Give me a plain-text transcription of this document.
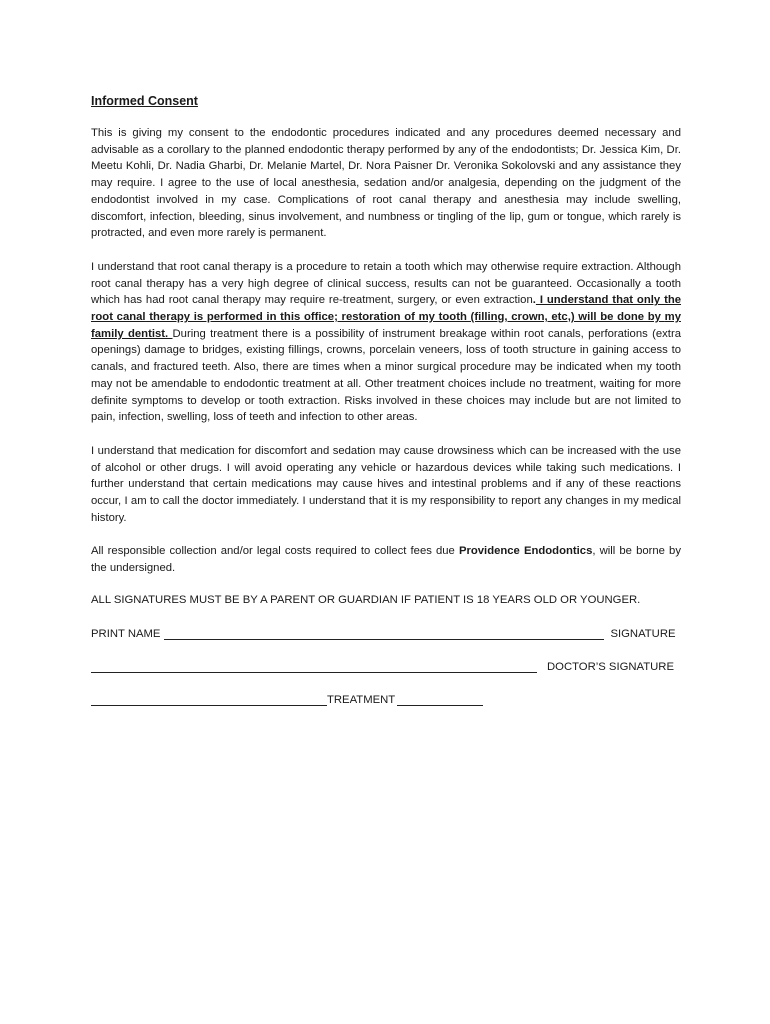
Informed Consent

This is giving my consent to the endodontic procedures indicated and any procedures deemed necessary and advisable as a corollary to the planned endodontic therapy performed by any of the endodontists; Dr. Jessica Kim, Dr. Meetu Kohli, Dr. Nadia Gharbi, Dr. Melanie Martel, Dr. Nora Paisner Dr. Veronika Sokolovski and any assistance they may require. I agree to the use of local anesthesia, sedation and/or analgesia, depending on the judgment of the endodontist involved in my case. Complications of root canal therapy and anesthesia may include swelling, discomfort, infection, bleeding, sinus involvement, and numbness or tingling of the lip, gum or tongue, which rarely is protracted, and even more rarely is permanent.

I understand that root canal therapy is a procedure to retain a tooth which may otherwise require extraction. Although root canal therapy has a very high degree of clinical success, results can not be guaranteed. Occasionally a tooth which has had root canal therapy may require re-treatment, surgery, or even extraction. I understand that only the root canal therapy is performed in this office; restoration of my tooth (filling, crown, etc,) will be done by my family dentist. During treatment there is a possibility of instrument breakage within root canals, perforations (extra openings) damage to bridges, existing fillings, crowns, porcelain veneers, loss of tooth structure in gaining access to canals, and fractured teeth. Also, there are times when a minor surgical procedure may be indicated when my tooth may not be amendable to endodontic treatment at all. Other treatment choices include no treatment, waiting for more definite symptoms to develop or tooth extraction. Risks involved in these choices may include but are not limited to pain, infection, swelling, loss of teeth and infection to other areas.

I understand that medication for discomfort and sedation may cause drowsiness which can be increased with the use of alcohol or other drugs. I will avoid operating any vehicle or hazardous devices while taking such medications. I further understand that certain medications may cause hives and intestinal problems and if any of these reactions occur, I am to call the doctor immediately. I understand that it is my responsibility to report any changes in my medical history.

All responsible collection and/or legal costs required to collect fees due Providence Endodontics, will be borne by the undersigned.

ALL SIGNATURES MUST BE BY A PARENT OR GUARDIAN IF PATIENT IS 18 YEARS OLD OR YOUNGER.
PRINT NAME	SIGNATURE
DOCTOR’S SIGNATURE
TREATMENT
